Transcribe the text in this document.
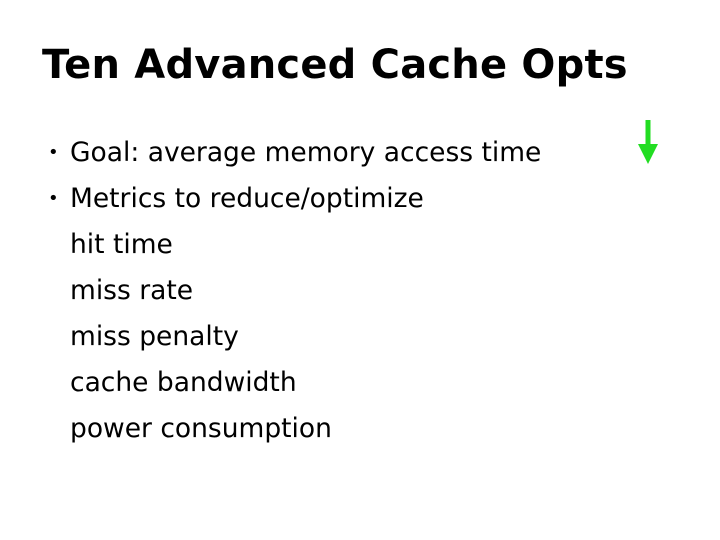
Ten Advanced Cache Opts
• Goal: average memory access time
• Metrics to reduce/optimize
hit time
miss rate
miss penalty
cache bandwidth
power consumption
